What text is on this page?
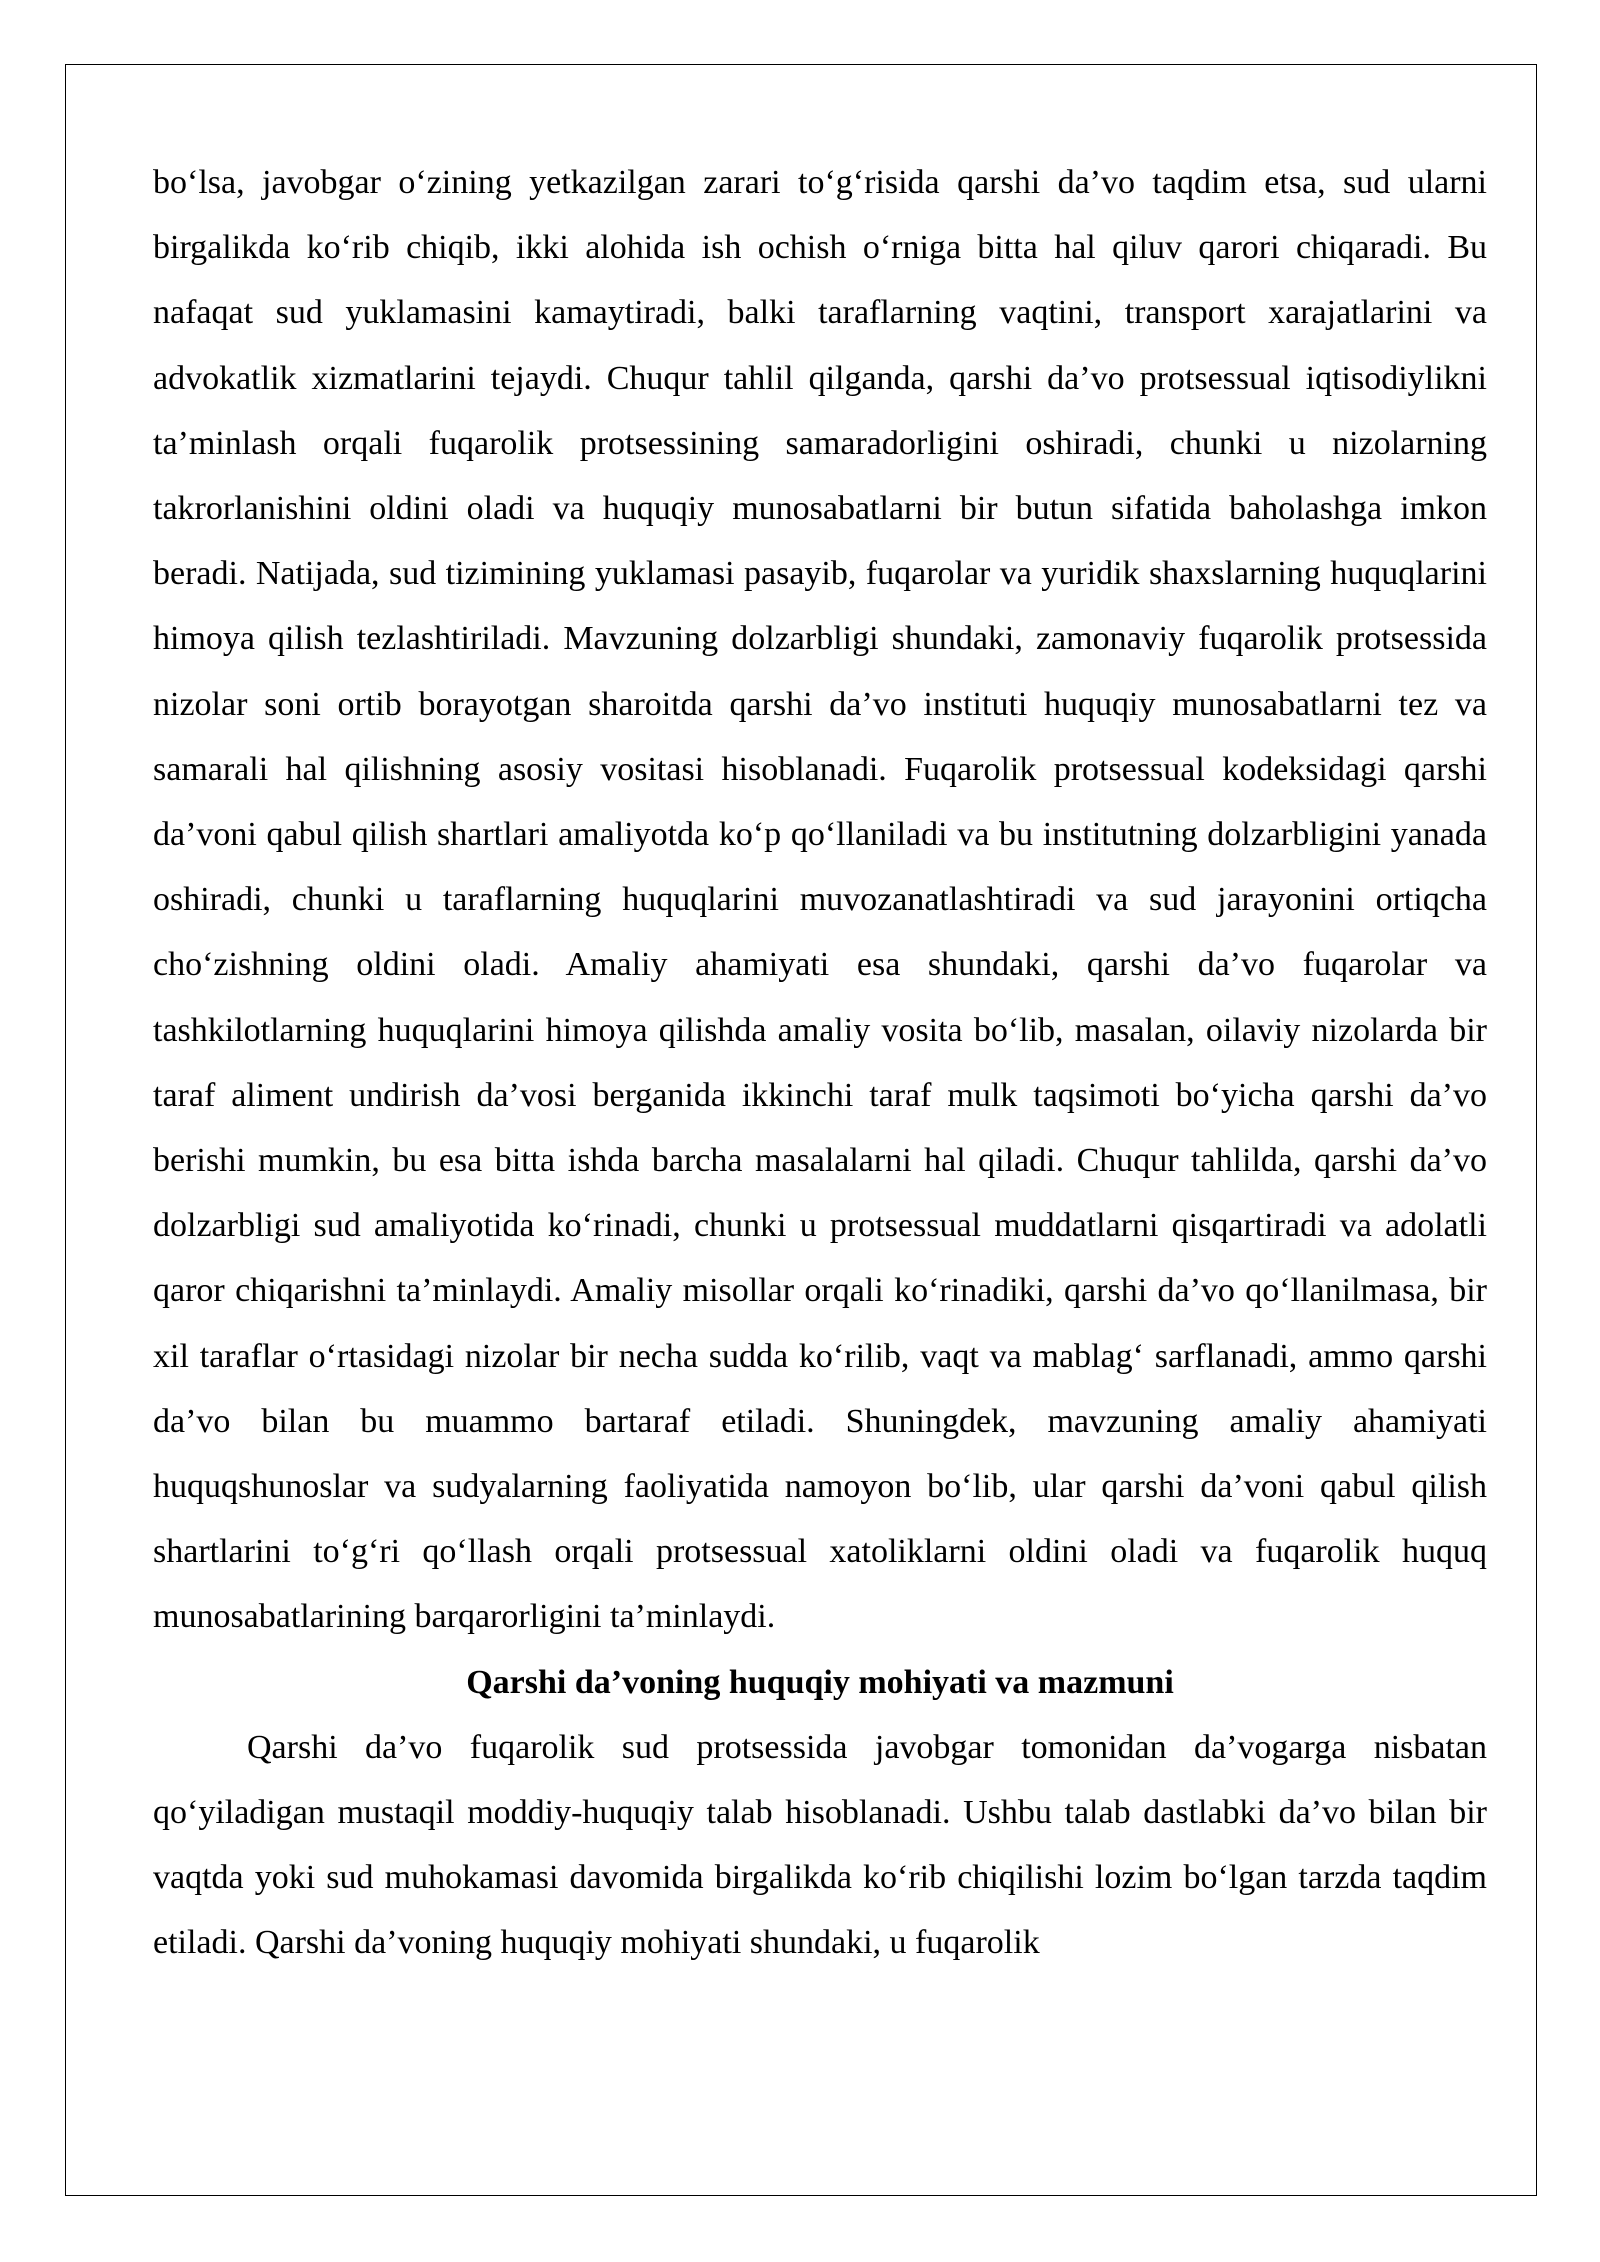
bo‘lsa, javobgar o‘zining yetkazilgan zarari to‘g‘risida qarshi da’vo taqdim etsa, sud ularni birgalikda ko‘rib chiqib, ikki alohida ish ochish o‘rniga bitta hal qiluv qarori chiqaradi. Bu nafaqat sud yuklamasini kamaytiradi, balki taraflarning vaqtini, transport xarajatlarini va advokatlik xizmatlarini tejaydi. Chuqur tahlil qilganda, qarshi da’vo protsessual iqtisodiylikni ta’minlash orqali fuqarolik protsessining samaradorligini oshiradi, chunki u nizolarning takrorlanishini oldini oladi va huquqiy munosabatlarni bir butun sifatida baholashga imkon beradi. Natijada, sud tizimining yuklamasi pasayib, fuqarolar va yuridik shaxslarning huquqlarini himoya qilish tezlashtiriladi. Mavzuning dolzarbligi shundaki, zamonaviy fuqarolik protsessida nizolar soni ortib borayotgan sharoitda qarshi da’vo instituti huquqiy munosabatlarni tez va samarali hal qilishning asosiy vositasi hisoblanadi. Fuqarolik protsessual kodeksidagi qarshi da’voni qabul qilish shartlari amaliyotda ko‘p qo‘llaniladi va bu institutning dolzarbligini yanada oshiradi, chunki u taraflarning huquqlarini muvozanatlashtiradi va sud jarayonini ortiqcha cho‘zishning oldini oladi. Amaliy ahamiyati esa shundaki, qarshi da’vo fuqarolar va tashkilotlarning huquqlarini himoya qilishda amaliy vosita bo‘lib, masalan, oilaviy nizolarda bir taraf aliment undirish da’vosi berganida ikkinchi taraf mulk taqsimoti bo‘yicha qarshi da’vo berishi mumkin, bu esa bitta ishda barcha masalalarni hal qiladi. Chuqur tahlilda, qarshi da’vo dolzarbligi sud amaliyotida ko‘rinadi, chunki u protsessual muddatlarni qisqartiradi va adolatli qaror chiqarishni ta’minlaydi. Amaliy misollar orqali ko‘rinadiki, qarshi da’vo qo‘llanilmasa, bir xil taraflar o‘rtasidagi nizolar bir necha sudda ko‘rilib, vaqt va mablag‘ sarflanadi, ammo qarshi da’vo bilan bu muammo bartaraf etiladi. Shuningdek, mavzuning amaliy ahamiyati huquqshunoslar va sudyalarning faoliyatida namoyon bo‘lib, ular qarshi da’voni qabul qilish shartlarini to‘g‘ri qo‘llash orqali protsessual xatoliklarni oldini oladi va fuqarolik huquq munosabatlarining barqarorligini ta’minlaydi.

Qarshi da’voning huquqiy mohiyati va mazmuni

Qarshi da’vo fuqarolik sud protsessida javobgar tomonidan da’vogarga nisbatan qo‘yiladigan mustaqil moddiy-huquqiy talab hisoblanadi. Ushbu talab dastlabki da’vo bilan bir vaqtda yoki sud muhokamasi davomida birgalikda ko‘rib chiqilishi lozim bo‘lgan tarzda taqdim etiladi. Qarshi da’voning huquqiy mohiyati shundaki, u fuqarolik
